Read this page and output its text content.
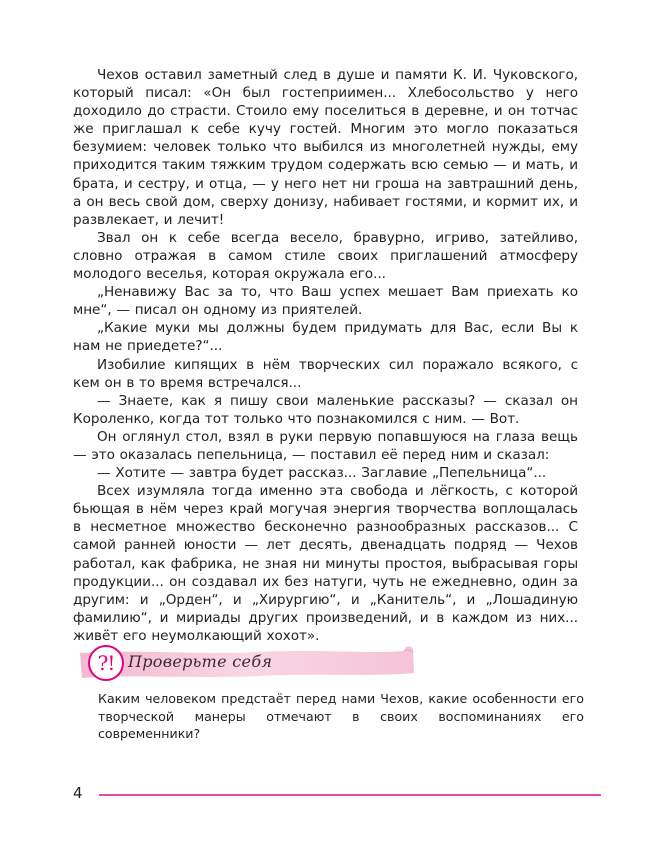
Чехов оставил заметный след в душе и памяти К. И. Чуковского, который писал: «Он был гостеприимен... Хлебосольство у него доходило до страсти. Стоило ему поселиться в деревне, и он тотчас же приглашал к себе кучу гостей. Многим это могло показаться безумием: человек только что выбился из многолетней нужды, ему приходится таким тяжким трудом содержать всю семью — и мать, и брата, и сестру, и отца, — у него нет ни гроша на завтрашний день, а он весь свой дом, сверху донизу, набивает гостями, и кормит их, и развлекает, и лечит!

Звал он к себе всегда весело, бравурно, игриво, затейливо, словно отражая в самом стиле своих приглашений атмосферу молодого веселья, которая окружала его...

„Ненавижу Вас за то, что Ваш успех мешает Вам приехать ко мне“, — писал он одному из приятелей.

„Какие муки мы должны будем придумать для Вас, если Вы к нам не приедете?“...

Изобилие кипящих в нём творческих сил поражало всякого, с кем он в то время встречался...

— Знаете, как я пишу свои маленькие рассказы? — сказал он Короленко, когда тот только что познакомился с ним. — Вот.

Он оглянул стол, взял в руки первую попавшуюся на глаза вещь — это оказалась пепельница, — поставил её перед ним и сказал:

— Хотите — завтра будет рассказ... Заглавие „Пепельница“...

Всех изумляла тогда именно эта свобода и лёгкость, с которой бьющая в нём через край могучая энергия творчества воплощалась в несметное множество бесконечно разнообразных рассказов... С самой ранней юности — лет десять, двенадцать подряд — Чехов работал, как фабрика, не зная ни минуты простоя, выбрасывая горы продукции... он создавал их без натуги, чуть не ежедневно, один за другим: и „Орден“, и „Хирургию“, и „Канитель“, и „Лошадиную фамилию“, и мириады других произведений, и в каждом из них... живёт его неумолкающий хохот».

?! Проверьте себя

Каким человеком предстаёт перед нами Чехов, какие особенности его творческой манеры отмечают в своих воспоминаниях его современники?

4
